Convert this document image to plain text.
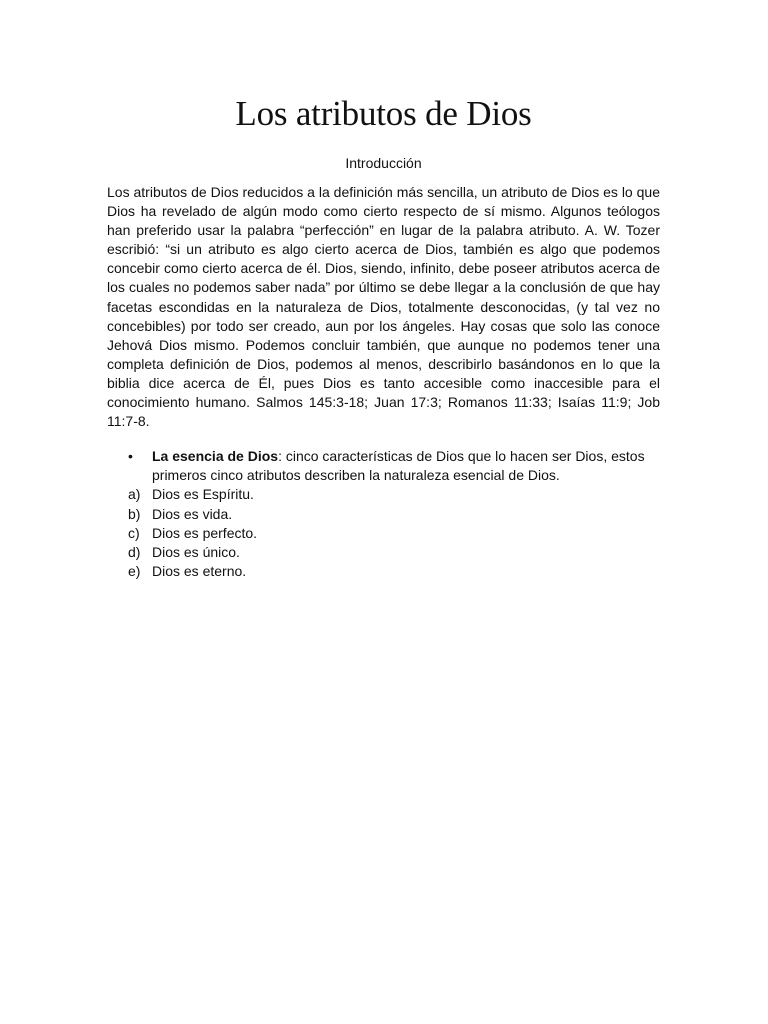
Los atributos de Dios
Introducción

Los atributos de Dios reducidos a la definición más sencilla, un atributo de Dios es lo que Dios ha revelado de algún modo como cierto respecto de sí mismo. Algunos teólogos han preferido usar la palabra “perfección” en lugar de la palabra atributo. A. W. Tozer escribió: “si un atributo es algo cierto acerca de Dios, también es algo que podemos concebir como cierto acerca de él. Dios, siendo, infinito, debe poseer atributos acerca de los cuales no podemos saber nada” por último se debe llegar a la conclusión de que hay facetas escondidas en la naturaleza de Dios, totalmente desconocidas, (y tal vez no concebibles) por todo ser creado, aun por los ángeles. Hay cosas que solo las conoce Jehová Dios mismo. Podemos concluir también, que aunque no podemos tener una completa definición de Dios, podemos al menos, describirlo basándonos en lo que la biblia dice acerca de Él, pues Dios es tanto accesible como inaccesible para el conocimiento humano. Salmos 145:3-18; Juan 17:3; Romanos 11:33; Isaías 11:9; Job 11:7-8.

• La esencia de Dios: cinco características de Dios que lo hacen ser Dios, estos primeros cinco atributos describen la naturaleza esencial de Dios.
a) Dios es Espíritu.
b) Dios es vida.
c) Dios es perfecto.
d) Dios es único.
e) Dios es eterno.
